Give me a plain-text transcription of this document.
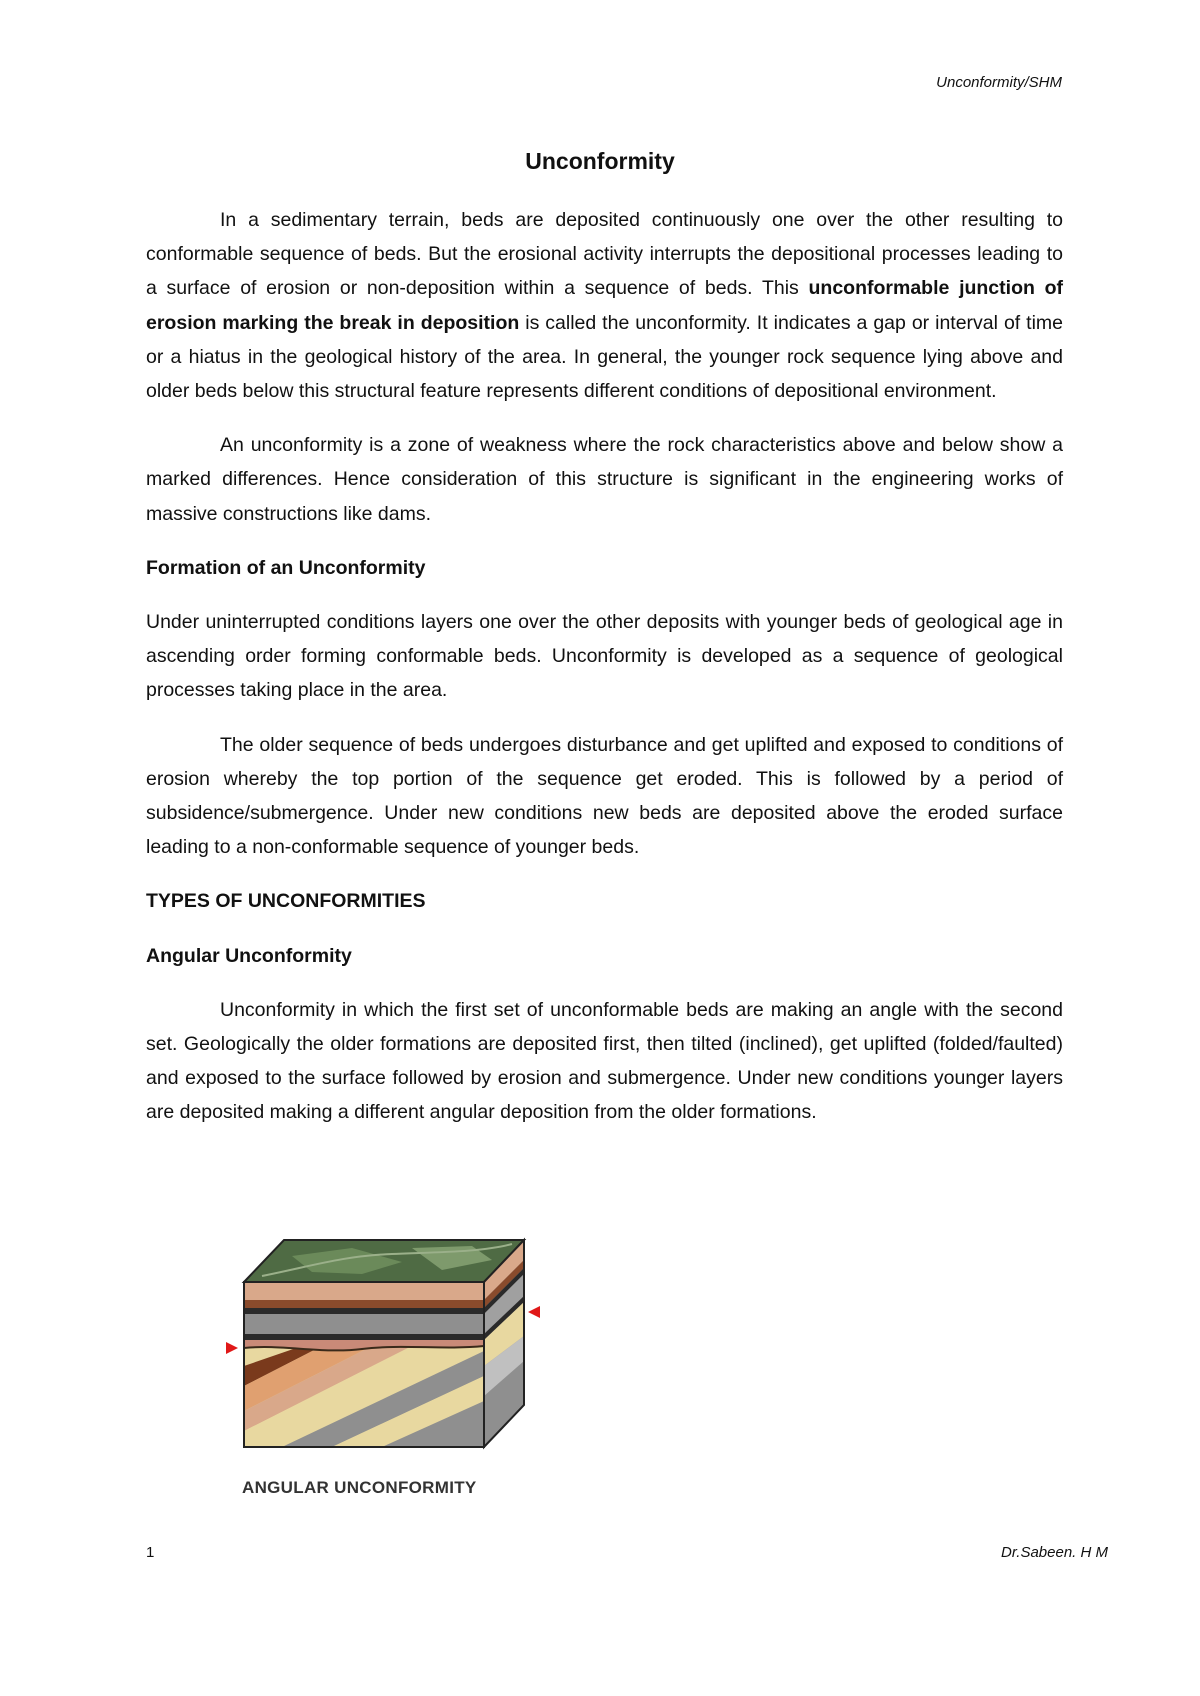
Unconformity/SHM
Unconformity

In a sedimentary terrain, beds are deposited continuously one over the other resulting to conformable sequence of beds. But the erosional activity interrupts the depositional processes leading to a surface of erosion or non-deposition within a sequence of beds. This unconformable junction of erosion marking the break in deposition is called the unconformity. It indicates a gap or interval of time or a hiatus in the geological history of the area. In general, the younger rock sequence lying above and older beds below this structural feature represents different conditions of depositional environment.

An unconformity is a zone of weakness where the rock characteristics above and below show a marked differences. Hence consideration of this structure is significant in the engineering works of massive constructions like dams.

Formation of an Unconformity

Under uninterrupted conditions layers one over the other deposits with younger beds of geological age in ascending order forming conformable beds. Unconformity is developed as a sequence of geological processes taking place in the area.

The older sequence of beds undergoes disturbance and get uplifted and exposed to conditions of erosion whereby the top portion of the sequence get eroded. This is followed by a period of subsidence/submergence. Under new conditions new beds are deposited above the eroded surface leading to a non-conformable sequence of younger beds.

TYPES OF UNCONFORMITIES
Angular Unconformity

Unconformity in which the first set of unconformable beds are making an angle with the second set. Geologically the older formations are deposited first, then tilted (inclined), get uplifted (folded/faulted) and exposed to the surface followed by erosion and submergence. Under new conditions younger layers are deposited making a different angular deposition from the older formations.

ANGULAR UNCONFORMITY
1	Dr.Sabeen. H M
